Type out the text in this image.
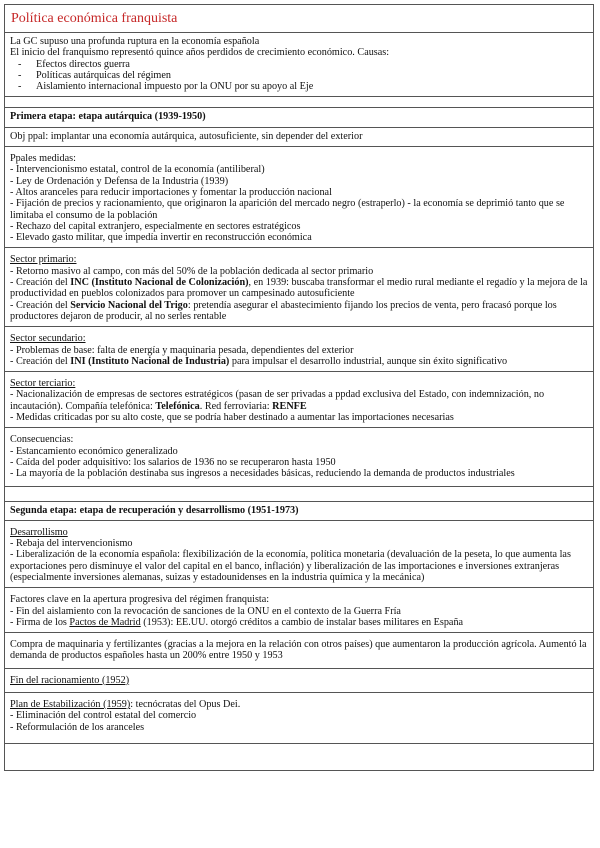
Política económica franquista
La GC supuso una profunda ruptura en la economía española
El inicio del franquismo representó quince años perdidos de crecimiento económico. Causas:
- Efectos directos guerra
- Políticas autárquicas del régimen
- Aislamiento internacional impuesto por la ONU por su apoyo al Eje
Primera etapa: etapa autárquica (1939-1950)
Obj ppal: implantar una economía autárquica, autosuficiente, sin depender del exterior
Ppales medidas:
- Intervencionismo estatal, control de la economía (antiliberal)
- Ley de Ordenación y Defensa de la Industria (1939)
- Altos aranceles para reducir importaciones y fomentar la producción nacional
- Fijación de precios y racionamiento, que originaron la aparición del mercado negro (estraperlo) - la economía se deprimió tanto que se limitaba el consumo de la población
- Rechazo del capital extranjero, especialmente en sectores estratégicos
- Elevado gasto militar, que impedía invertir en reconstrucción económica
Sector primario:
- Retorno masivo al campo, con más del 50% de la población dedicada al sector primario
- Creación del INC (Instituto Nacional de Colonización), en 1939: buscaba transformar el medio rural mediante el regadío y la mejora de la productividad en pueblos colonizados para promover un campesinado autosuficiente
- Creación del Servicio Nacional del Trigo: pretendía asegurar el abastecimiento fijando los precios de venta, pero fracasó porque los productores dejaron de producir, al no serles rentable
Sector secundario:
- Problemas de base: falta de energía y maquinaria pesada, dependientes del exterior
- Creación del INI (Instituto Nacional de Industria) para impulsar el desarrollo industrial, aunque sin éxito significativo
Sector terciario:
- Nacionalización de empresas de sectores estratégicos (pasan de ser privadas a ppdad exclusiva del Estado, con indemnización, no incautación). Compañía telefónica: Telefónica. Red ferroviaria: RENFE
- Medidas criticadas por su alto coste, que se podría haber destinado a aumentar las importaciones necesarias
Consecuencias:
- Estancamiento económico generalizado
- Caída del poder adquisitivo: los salarios de 1936 no se recuperaron hasta 1950
- La mayoría de la población destinaba sus ingresos a necesidades básicas, reduciendo la demanda de productos industriales
Segunda etapa: etapa de recuperación y desarrollismo (1951-1973)
Desarrollismo
- Rebaja del intervencionismo
- Liberalización de la economía española: flexibilización de la economía, política monetaria (devaluación de la peseta, lo que aumenta las exportaciones pero disminuye el valor del capital en el banco, inflación) y liberalización de las importaciones e inversiones extranjeras (especialmente inversiones alemanas, suizas y estadounidenses en la industria química y la mecánica)
Factores clave en la apertura progresiva del régimen franquista:
- Fin del aislamiento con la revocación de sanciones de la ONU en el contexto de la Guerra Fría
- Firma de los Pactos de Madrid (1953): EE.UU. otorgó créditos a cambio de instalar bases militares en España
Compra de maquinaria y fertilizantes (gracias a la mejora en la relación con otros países) que aumentaron la producción agrícola. Aumentó la demanda de productos españoles hasta un 200% entre 1950 y 1953
Fin del racionamiento (1952)
Plan de Estabilización (1959): tecnócratas del Opus Dei.
- Eliminación del control estatal del comercio
- Reformulación de los aranceles
